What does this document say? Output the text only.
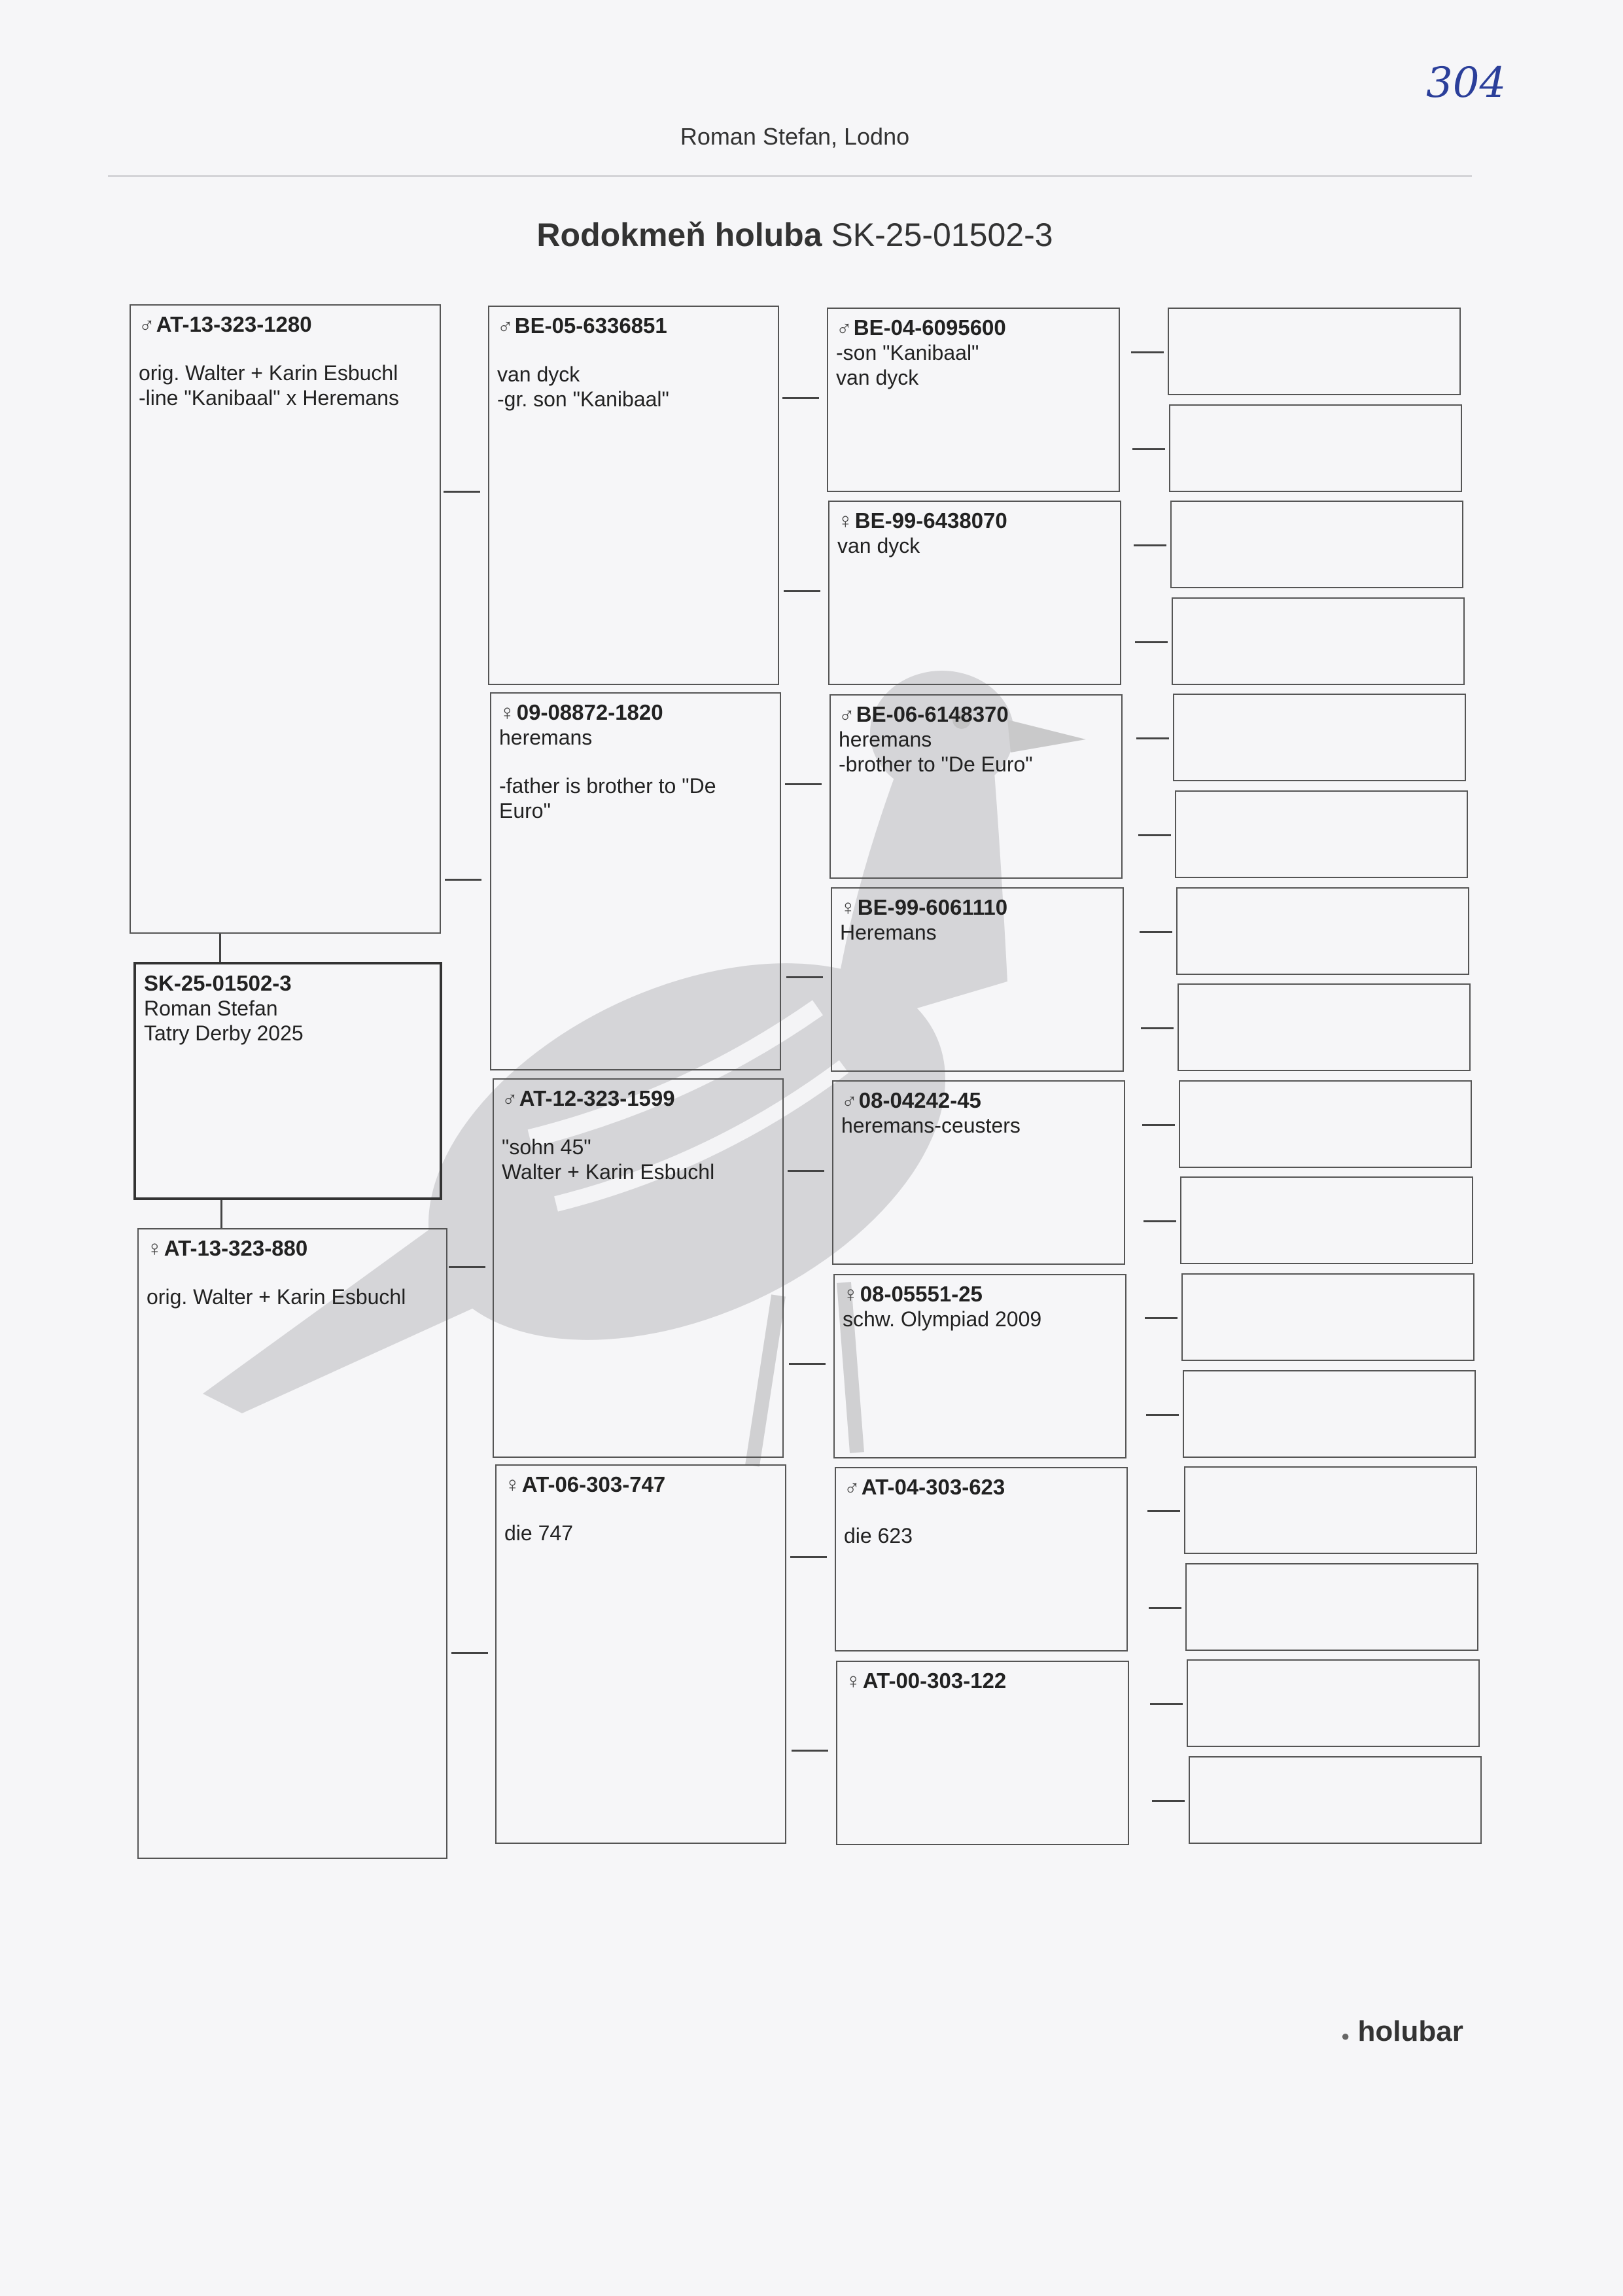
304
Roman Stefan, Lodno
Rodokmeň holuba SK-25-01502-3
♂AT-13-323-1280
orig. Walter + Karin Esbuchl
-line "Kanibaal" x Heremans
SK-25-01502-3
Roman Stefan
Tatry Derby 2025
♀AT-13-323-880
orig. Walter + Karin Esbuchl
♂BE-05-6336851
van dyck
-gr. son "Kanibaal"
♀09-08872-1820
heremans
-father is brother to "De Euro"
♂AT-12-323-1599
"sohn 45"
Walter + Karin Esbuchl
♀AT-06-303-747
die 747
♂BE-04-6095600
-son "Kanibaal"
van dyck
♀BE-99-6438070
van dyck
♂BE-06-6148370
heremans
-brother to "De Euro"
♀BE-99-6061110
Heremans
♂08-04242-45
heremans-ceusters
♀08-05551-25
schw. Olympiad 2009
♂AT-04-303-623
die 623
♀AT-00-303-122
● holubar
